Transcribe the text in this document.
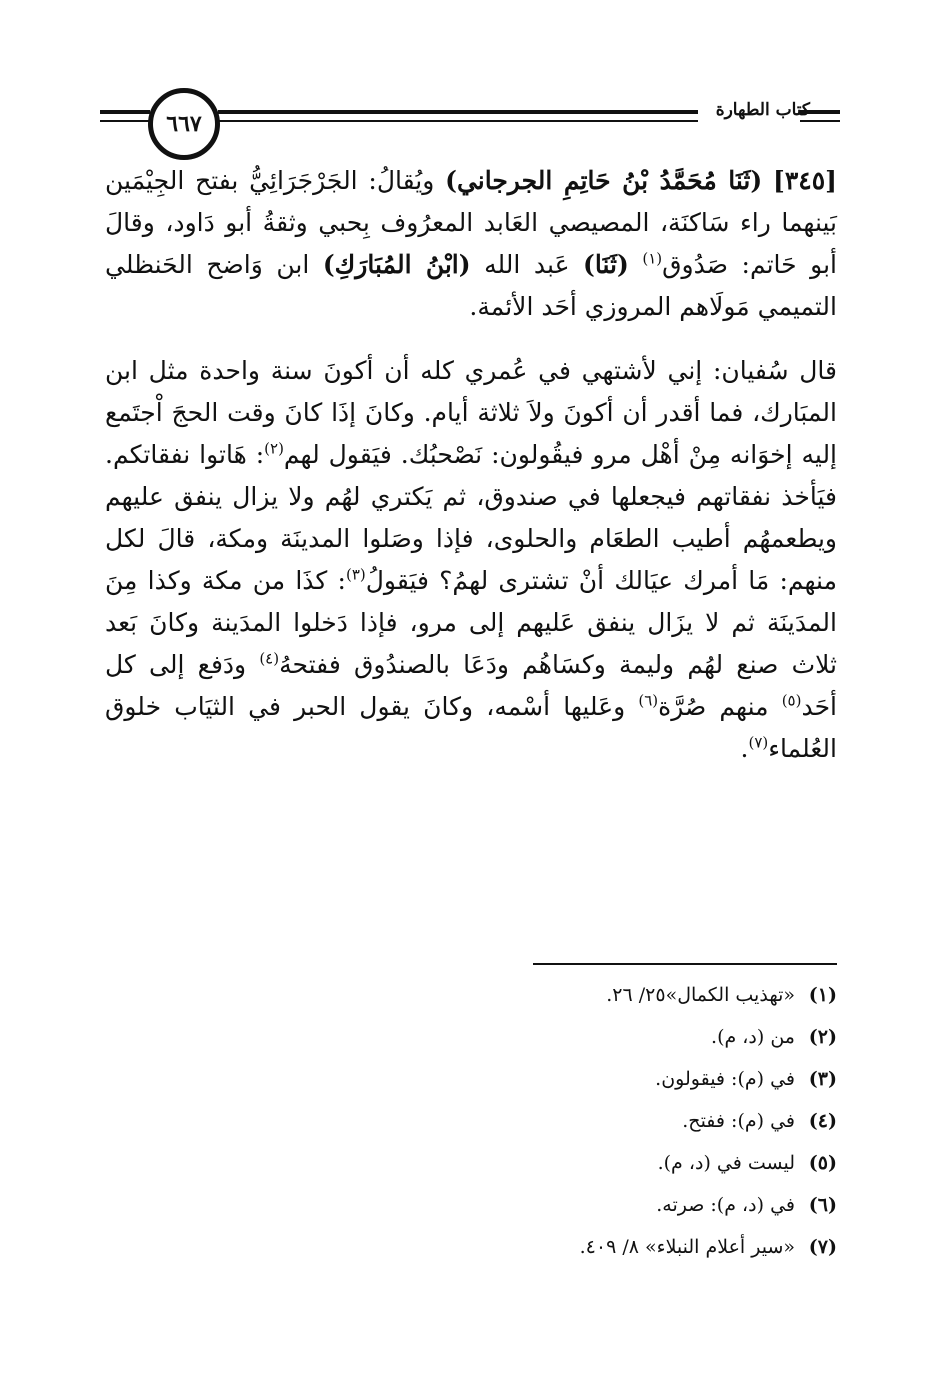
٦٦٧
كتاب الطهارة

[٣٤٥] (ثَنَا مُحَمَّدُ بْنُ حَاتِمِ الجرجاني) ويُقالُ: الجَرْجَرَائِيُّ بفتح الجِيْمَين بَينهما راء سَاكنَة، المصيصي العَابد المعرُوف بِحبي وثقةُ أبو دَاود، وقالَ أبو حَاتم: صَدُوق$^{(١)}$ (ثَنَا) عَبد الله (ابْنُ المُبَارَكِ) ابن وَاضح الحَنظلي التميمي مَولَاهم المروزي أحَد الأئمة.

قال سُفيان: إني لأشتهي في عُمري كله أن أكونَ سنة واحدة مثل ابن المبَارك، فما أقدر أن أكونَ ولاَ ثلاثة أيام. وكانَ إذَا كانَ وقت الحجَ اْجتَمع إليه إخوَانه مِنْ أهْل مرو فيقُولون: نَصْحبُك. فيَقول لهم$^{(٢)}$: هَاتوا نفقاتكم. فيَأخذ نفقاتهم فيجعلها في صندوق، ثم يَكتري لهُم ولا يزال ينفق عليهم ويطعمهُم أطيب الطعَام والحلوى، فإذا وصَلوا المدينَة ومكة، قالَ لكل منهم: مَا أمرك عيَالك أنْ تشترى لهمُ؟ فيَقولُ$^{(٣)}$: كذَا من مكة وكذا مِنَ المدَينَة ثم لا يزَال ينفق عَليهم إلى مرو، فإذا دَخلوا المدَينة وكانَ بَعد ثلاث صنع لهُم وليمة وكسَاهُم ودَعَا بالصندُوق ففتحهُ$^{(٤)}$ ودَفع إلى كل أحَد$^{(٥)}$ منهم صُرَّة$^{(٦)}$ وعَليها أسْمه، وكانَ يقول الحبر في الثيَاب خلوق العُلماء$^{(٧)}$.

(١)«تهذيب الكمال»٢٥/ ٢٦.
(٢)من (د، م).
(٣)في (م): فيقولون.
(٤)في (م): ففتح.
(٥)ليست في (د، م).
(٦)في (د، م): صرته.
(٧)«سير أعلام النبلاء» ٨/ ٤٠٩.
